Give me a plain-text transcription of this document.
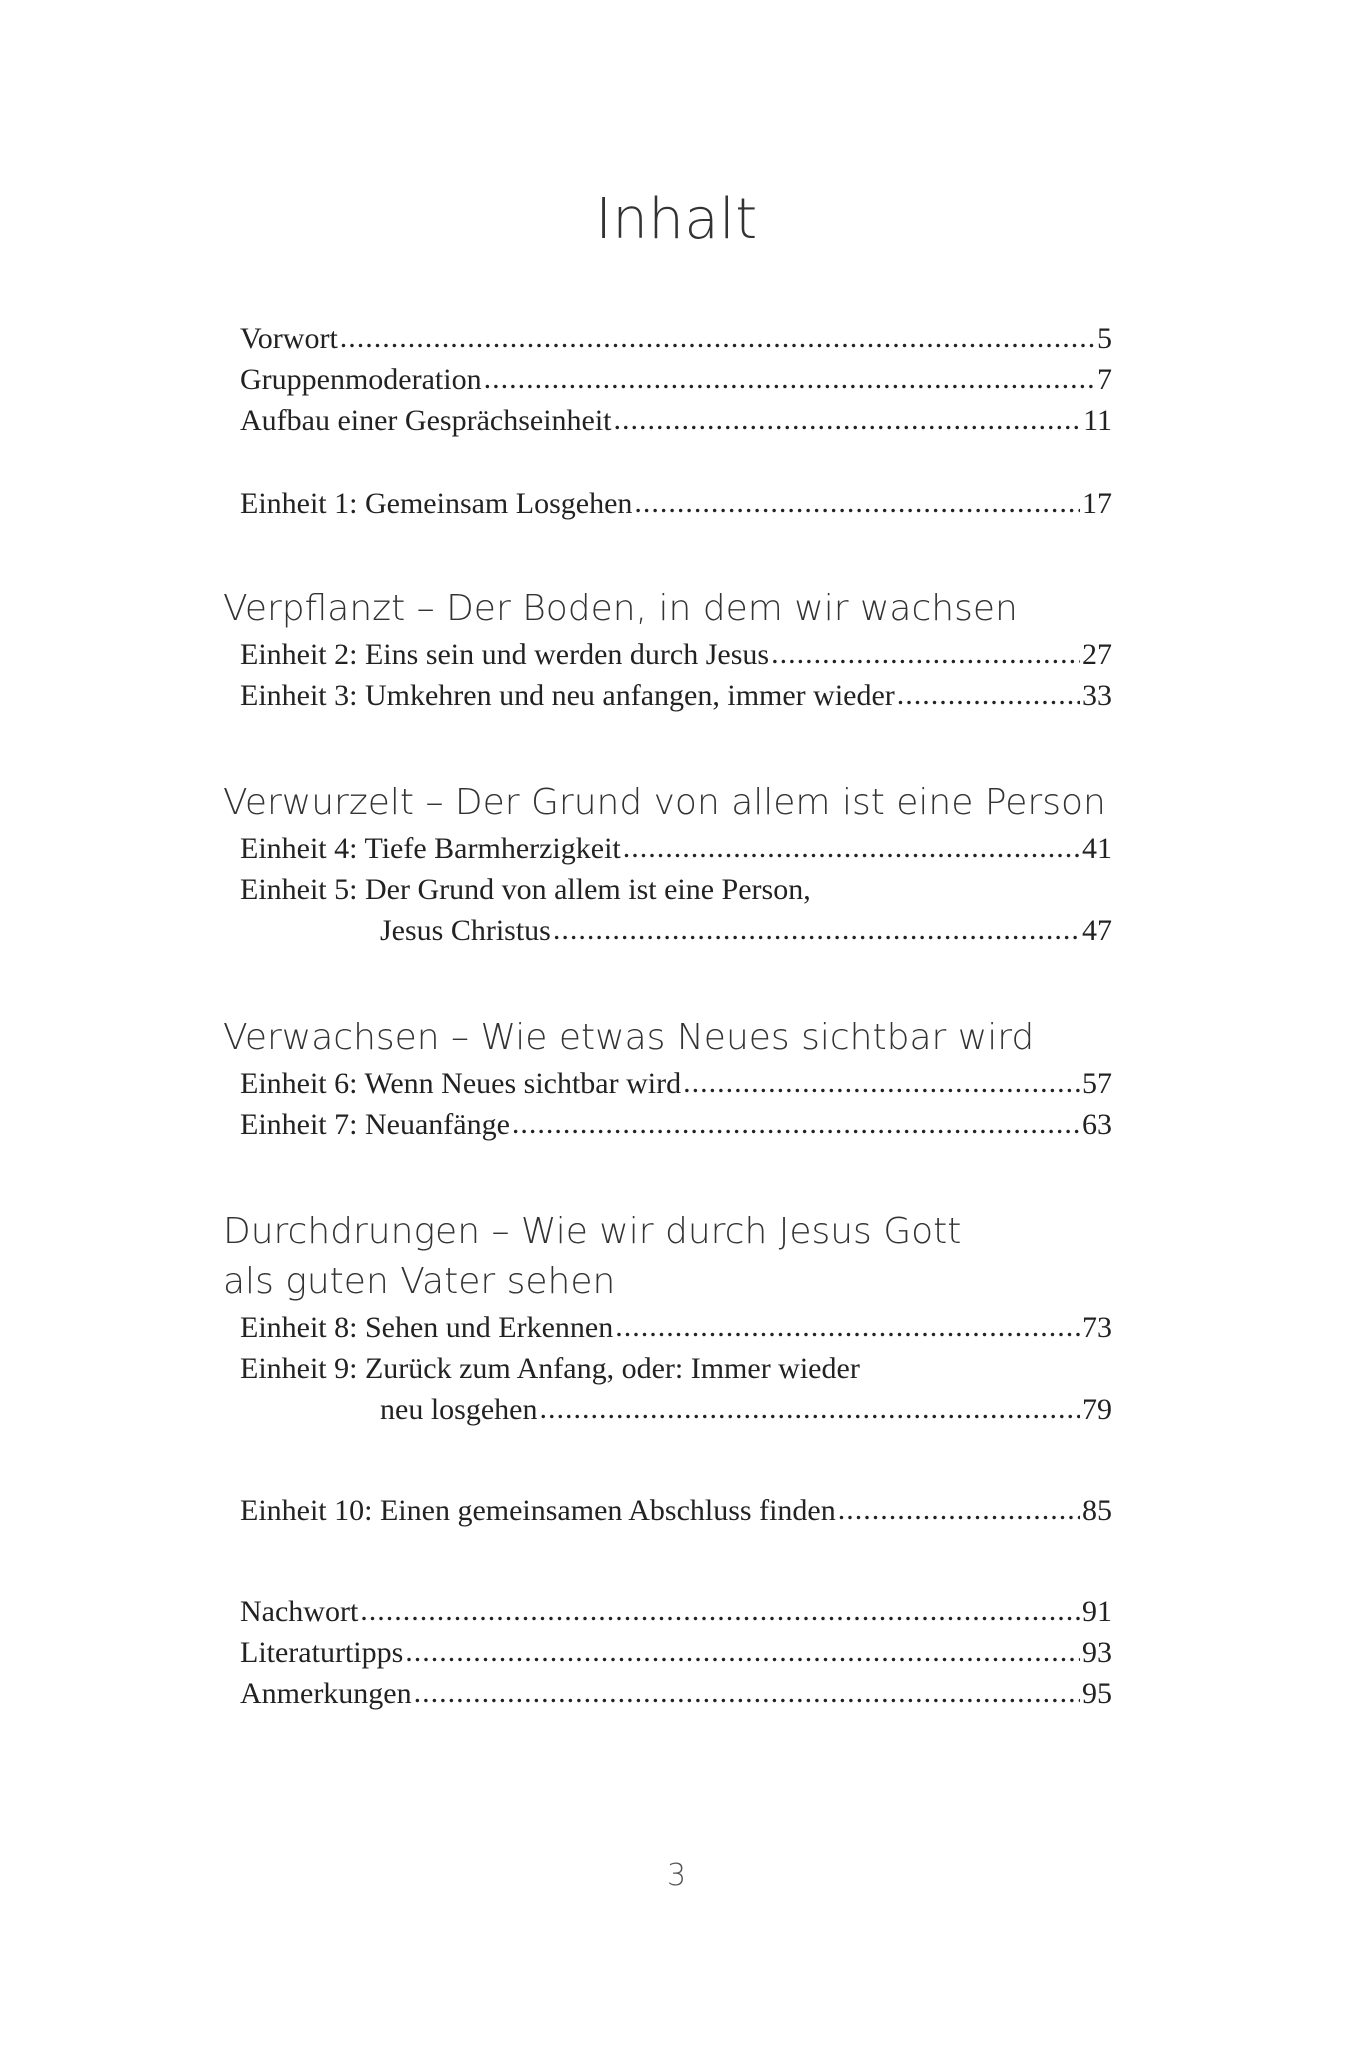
Inhalt
Vorwort .....	5
Gruppenmoderation .....	7
Aufbau einer Gesprächseinheit .....	11
Einheit 1: Gemeinsam Losgehen .....	17
Verpflanzt – Der Boden, in dem wir wachsen
Einheit 2: Eins sein und werden durch Jesus .....	27
Einheit 3: Umkehren und neu anfangen, immer wieder .....	33
Verwurzelt – Der Grund von allem ist eine Person
Einheit 4: Tiefe Barmherzigkeit .....	41
Einheit 5: Der Grund von allem ist eine Person,
Jesus Christus .....	47
Verwachsen – Wie etwas Neues sichtbar wird
Einheit 6: Wenn Neues sichtbar wird .....	57
Einheit 7: Neuanfänge .....	63
Durchdrungen – Wie wir durch Jesus Gott
als guten Vater sehen
Einheit 8: Sehen und Erkennen .....	73
Einheit 9: Zurück zum Anfang, oder: Immer wieder
neu losgehen .....	79
Einheit 10: Einen gemeinsamen Abschluss finden .....	85
Nachwort .....	91
Literaturtipps .....	93
Anmerkungen .....	95
3
